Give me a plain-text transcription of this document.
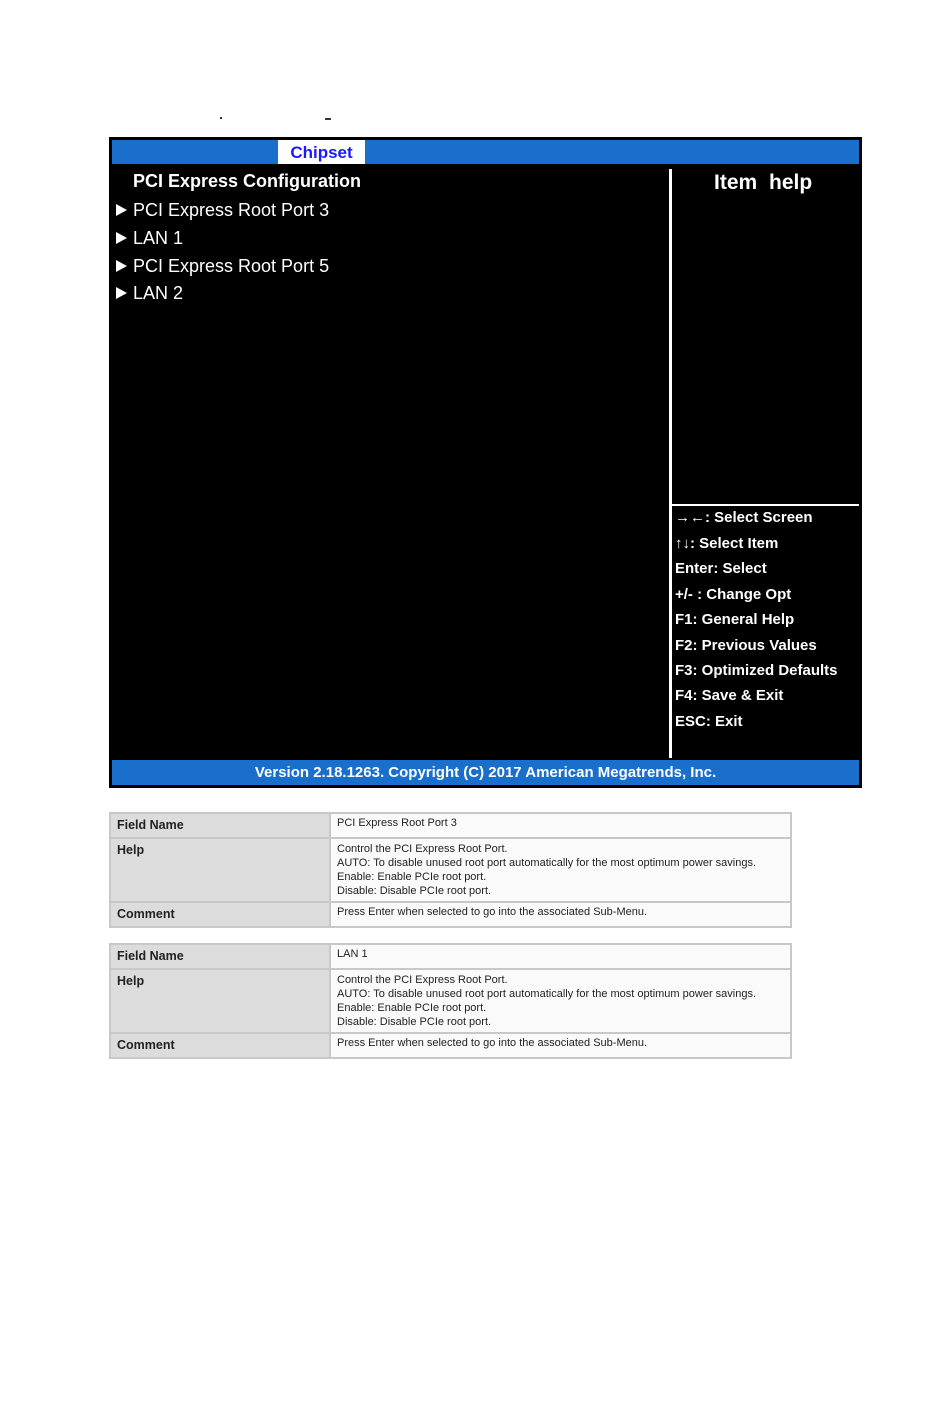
Chipset
PCI Express Configuration
PCI Express Root Port 3
LAN 1
PCI Express Root Port 5
LAN 2
Item help
→←: Select Screen
↑↓: Select Item
Enter: Select
+/- : Change Opt
F1: General Help
F2: Previous Values
F3: Optimized Defaults
F4: Save & Exit
ESC: Exit
Version 2.18.1263. Copyright (C) 2017 American Megatrends, Inc.
Field Name	PCI Express Root Port 3
Help	Control the PCI Express Root Port.
AUTO: To disable unused root port automatically for the most optimum power savings.
Enable: Enable PCIe root port.
Disable: Disable PCIe root port.

Comment	Press Enter when selected to go into the associated Sub-Menu.
Field Name	LAN 1
Help	Control the PCI Express Root Port.
AUTO: To disable unused root port automatically for the most optimum power savings.
Enable: Enable PCIe root port.
Disable: Disable PCIe root port.

Comment	Press Enter when selected to go into the associated Sub-Menu.
